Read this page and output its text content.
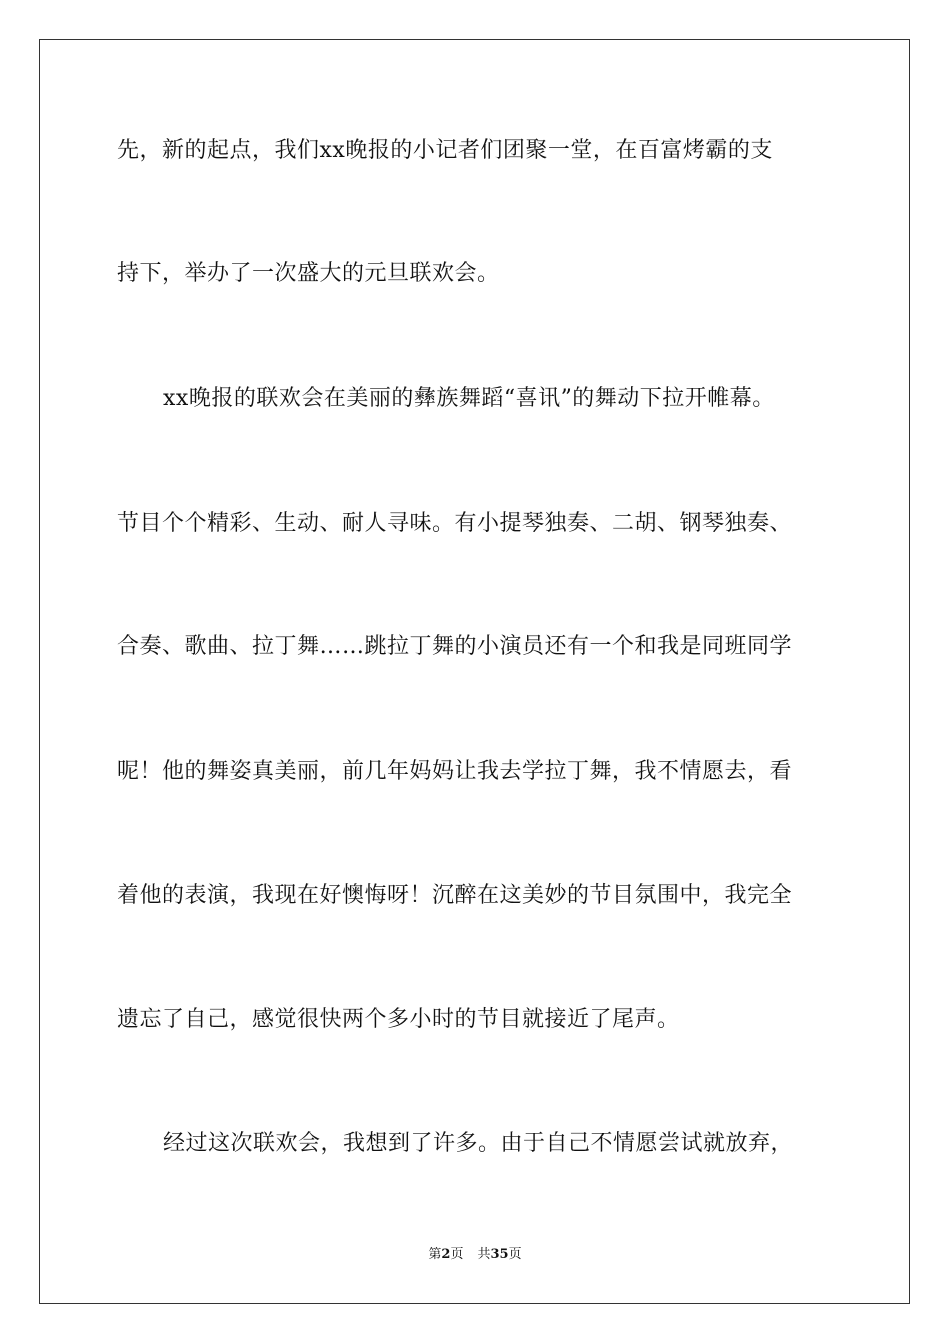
先，新的起点，我们xx晚报的小记者们团聚一堂，在百富烤霸的支
持下，举办了一次盛大的元旦联欢会。
xx晚报的联欢会在美丽的彝族舞蹈“喜讯”的舞动下拉开帷幕。
节目个个精彩、生动、耐人寻味。有小提琴独奏、二胡、钢琴独奏、
合奏、歌曲、拉丁舞……跳拉丁舞的小演员还有一个和我是同班同学
呢！他的舞姿真美丽，前几年妈妈让我去学拉丁舞，我不情愿去，看
着他的表演，我现在好懊悔呀！沉醉在这美妙的节目氛围中，我完全
遗忘了自己，感觉很快两个多小时的节目就接近了尾声。
经过这次联欢会，我想到了许多。由于自己不情愿尝试就放弃，
第2页 共35页
